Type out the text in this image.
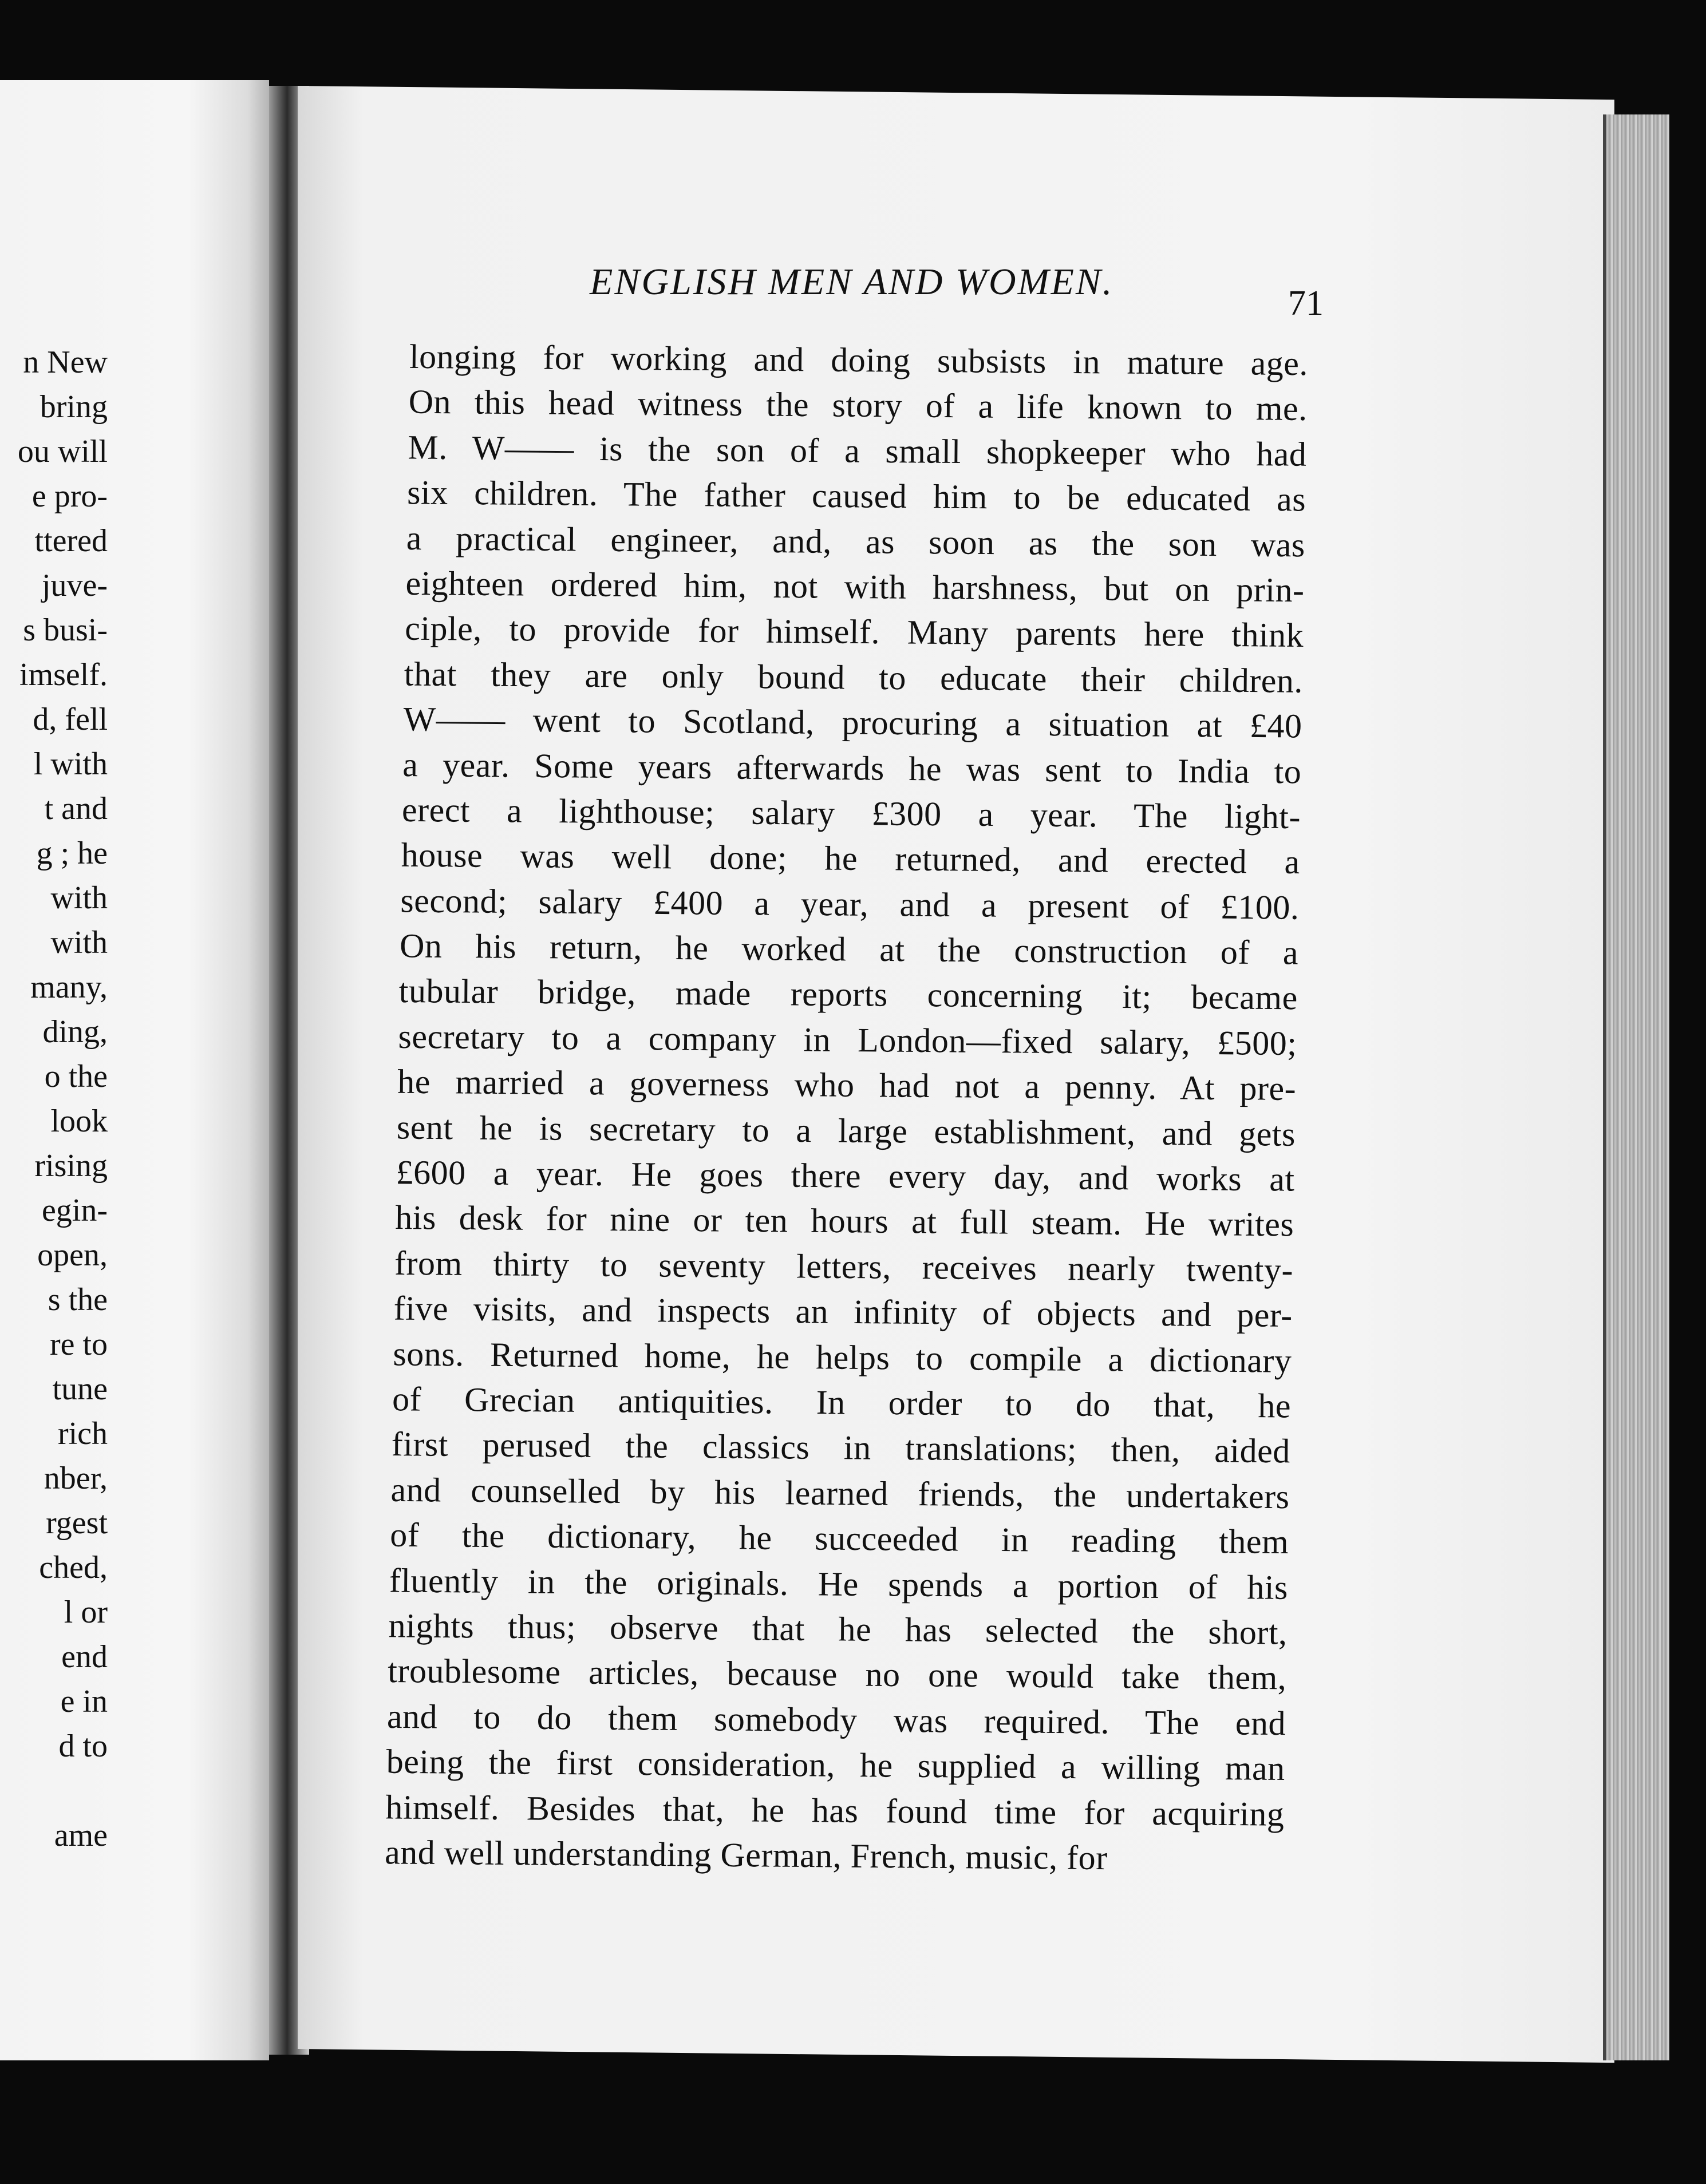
n New
bring
ou will
e pro-
ttered
juve-
s busi-
imself.
d, fell
l with
t and
g ; he
with
with
many,
ding,
o the
look
rising
egin-
open,
s the
re to
tune
rich
nber,
rgest
ched,
l or
end
e in
d to
ame
ENGLISH MEN AND WOMEN.
71
longing for working and doing subsists in mature age.
On this head witness the story of a life known to me.
M. W—— is the son of a small shopkeeper who had
six children. The father caused him to be educated as
a practical engineer, and, as soon as the son was
eighteen ordered him, not with harshness, but on prin-
ciple, to provide for himself. Many parents here think
that they are only bound to educate their children.
W—— went to Scotland, procuring a situation at £40
a year. Some years afterwards he was sent to India to
erect a lighthouse; salary £300 a year. The light-
house was well done; he returned, and erected a
second; salary £400 a year, and a present of £100.
On his return, he worked at the construction of a
tubular bridge, made reports concerning it; became
secretary to a company in London—fixed salary, £500;
he married a governess who had not a penny. At pre-
sent he is secretary to a large establishment, and gets
£600 a year. He goes there every day, and works at
his desk for nine or ten hours at full steam. He writes
from thirty to seventy letters, receives nearly twenty-
five visits, and inspects an infinity of objects and per-
sons. Returned home, he helps to compile a dictionary
of Grecian antiquities. In order to do that, he
first perused the classics in translations; then, aided
and counselled by his learned friends, the undertakers
of the dictionary, he succeeded in reading them
fluently in the originals. He spends a portion of his
nights thus; observe that he has selected the short,
troublesome articles, because no one would take them,
and to do them somebody was required. The end
being the first consideration, he supplied a willing man
himself. Besides that, he has found time for acquiring
and well understanding German, French, music, for
